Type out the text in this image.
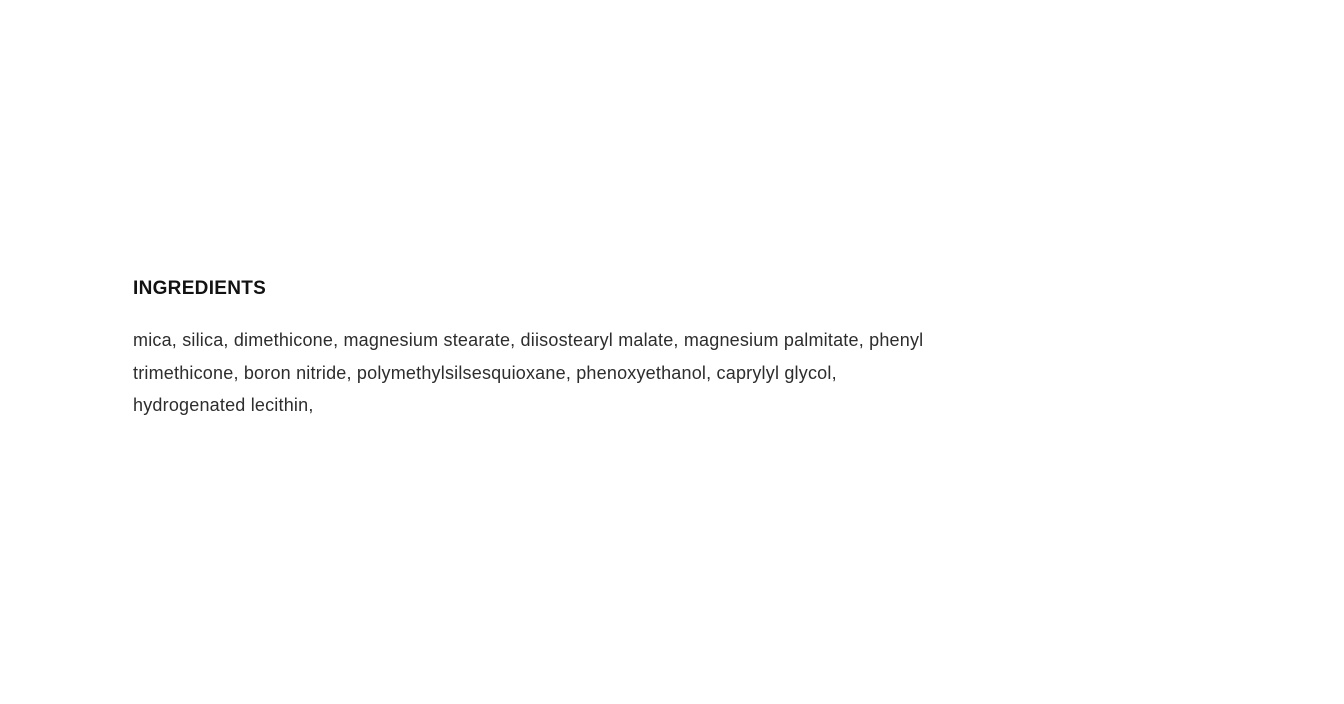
INGREDIENTS
mica, silica, dimethicone, magnesium stearate, diisostearyl malate, magnesium palmitate, phenyl
trimethicone, boron nitride, polymethylsilsesquioxane, phenoxyethanol, caprylyl glycol,
hydrogenated lecithin,
